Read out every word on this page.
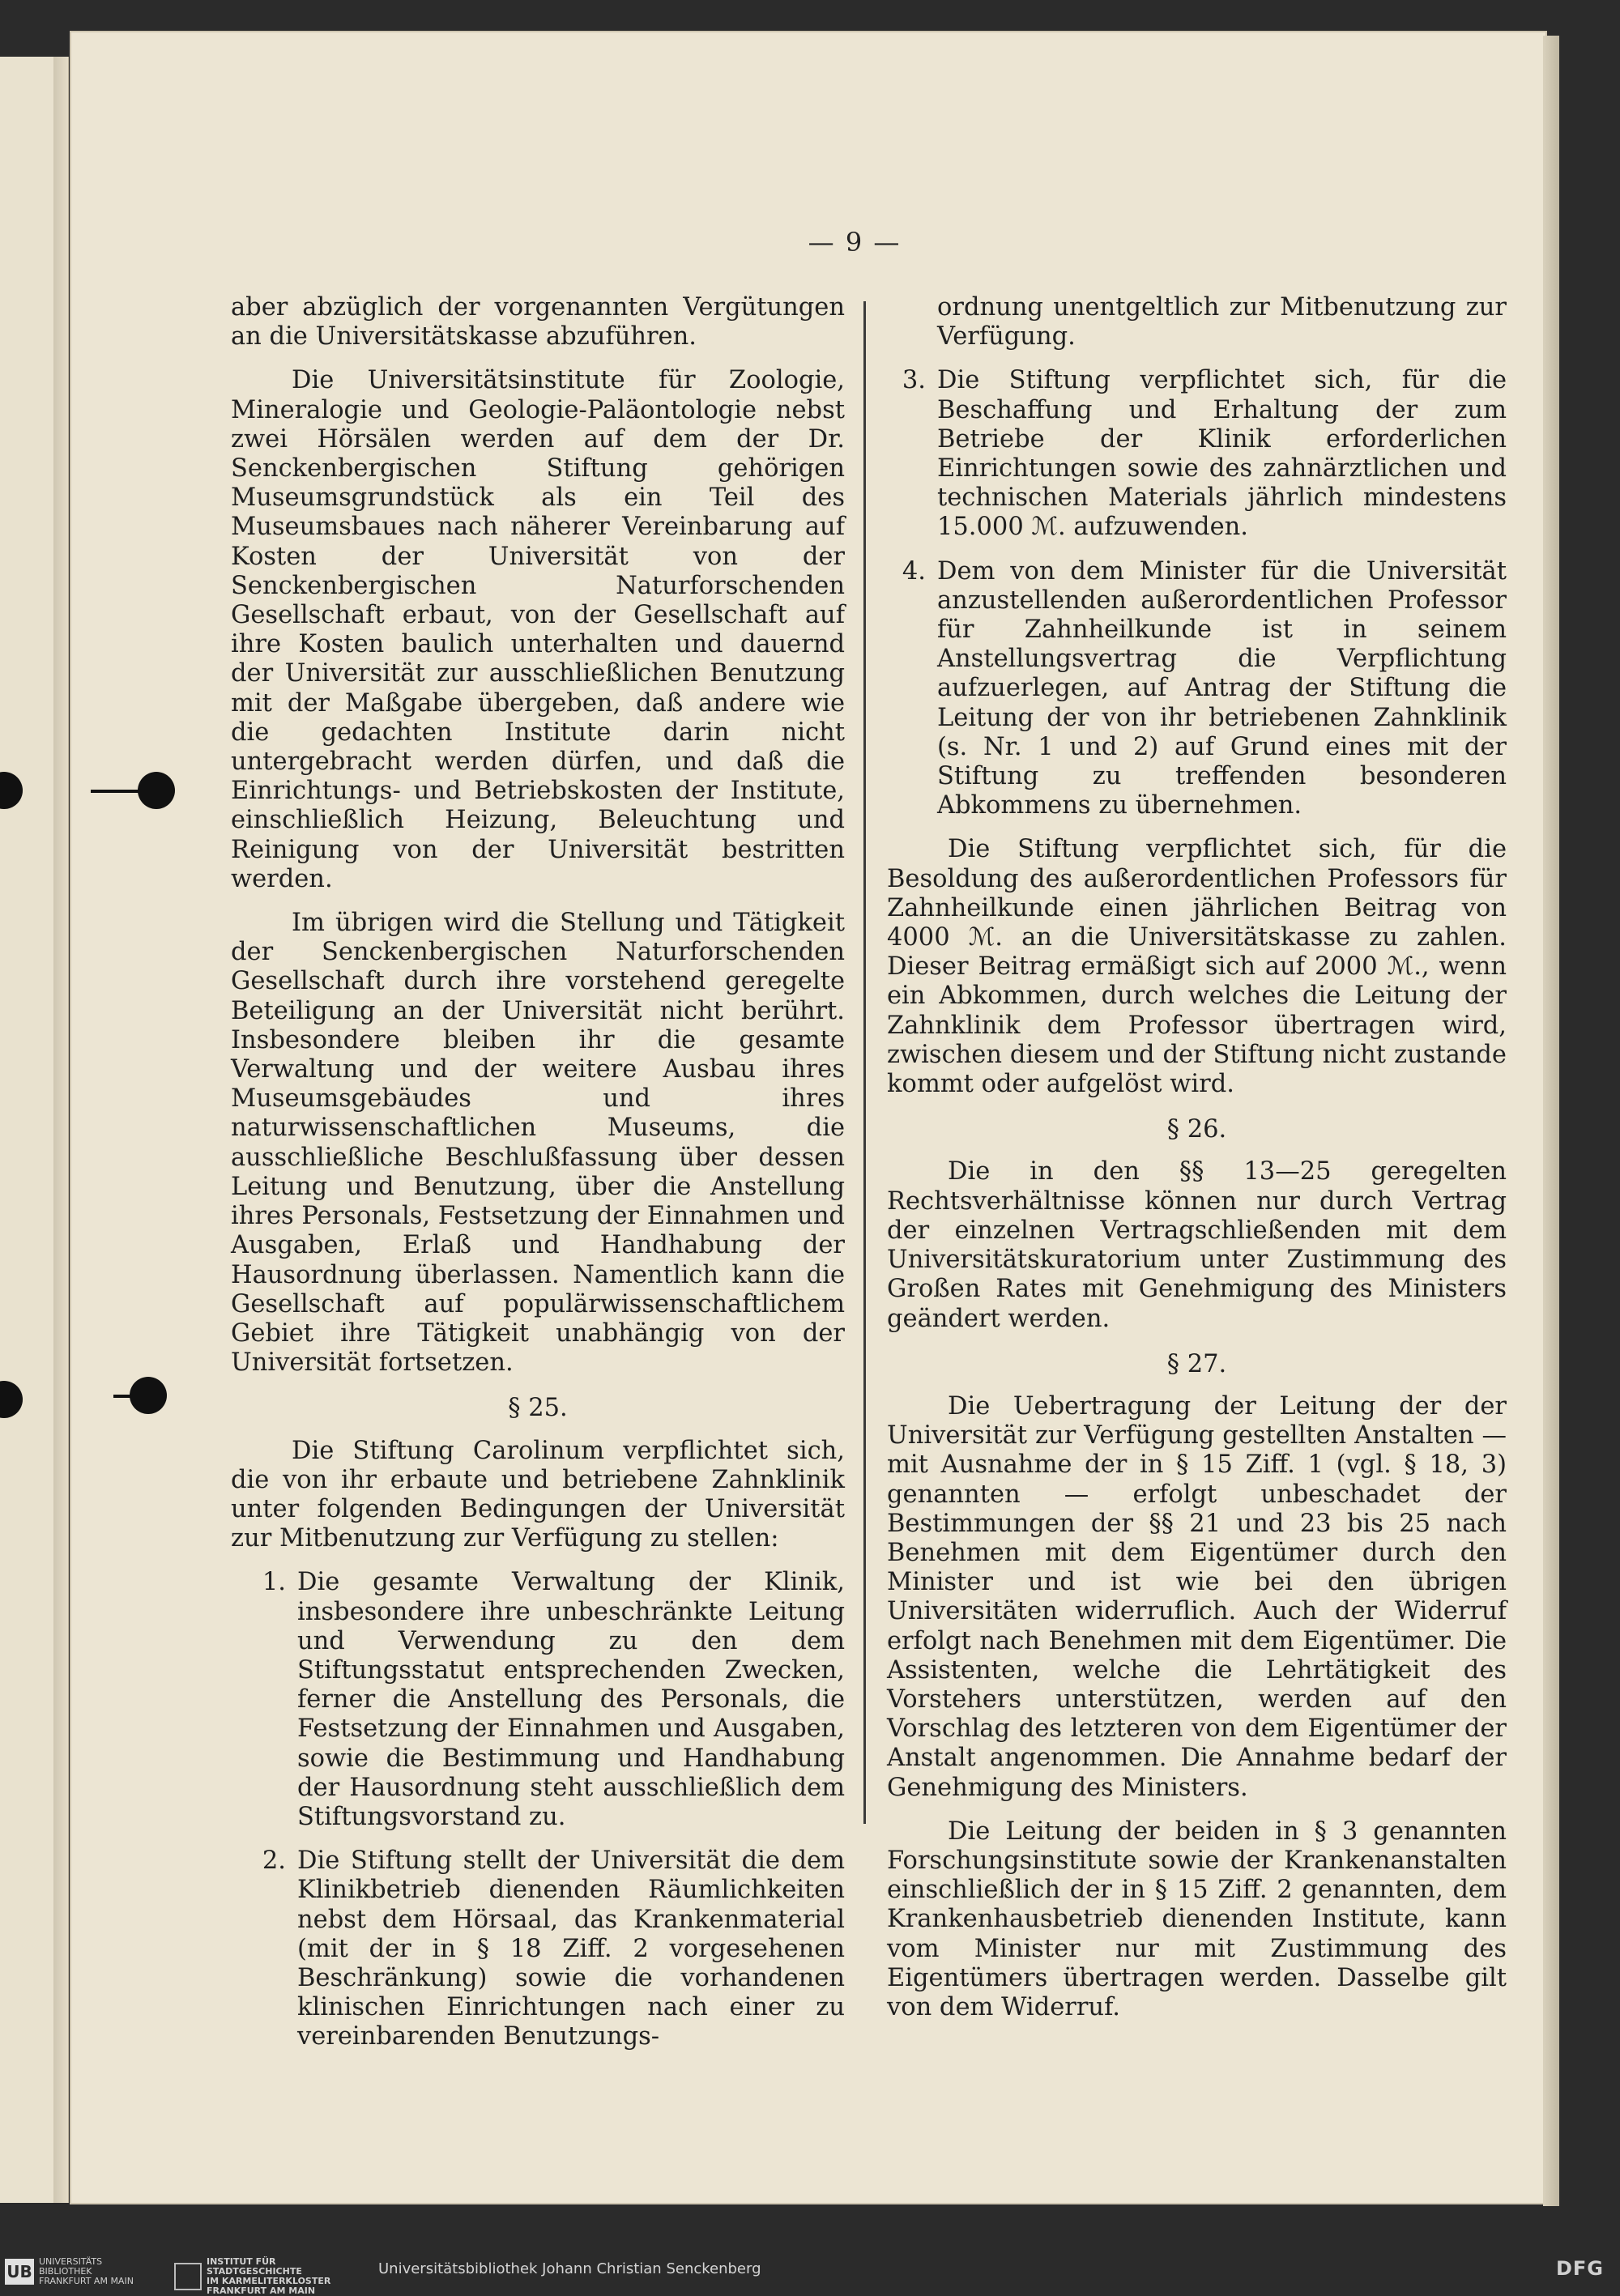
— 9 —

aber abzüglich der vorgenannten Vergütungen an die Universitätskasse abzuführen.

Die Universitätsinstitute für Zoologie, Mineralogie und Geologie-Paläontologie nebst zwei Hörsälen werden auf dem der Dr. Senckenbergischen Stiftung gehörigen Museumsgrundstück als ein Teil des Museumsbaues nach näherer Vereinbarung auf Kosten der Universität von der Senckenbergischen Naturforschenden Gesellschaft erbaut, von der Gesellschaft auf ihre Kosten baulich unterhalten und dauernd der Universität zur ausschließlichen Benutzung mit der Maßgabe übergeben, daß andere wie die gedachten Institute darin nicht untergebracht werden dürfen, und daß die Einrichtungs- und Betriebskosten der Institute, einschließlich Heizung, Beleuchtung und Reinigung von der Universität bestritten werden.

Im übrigen wird die Stellung und Tätigkeit der Senckenbergischen Naturforschenden Gesellschaft durch ihre vorstehend geregelte Beteiligung an der Universität nicht berührt. Insbesondere bleiben ihr die gesamte Verwaltung und der weitere Ausbau ihres Museumsgebäudes und ihres naturwissenschaftlichen Museums, die ausschließliche Beschlußfassung über dessen Leitung und Benutzung, über die Anstellung ihres Personals, Festsetzung der Einnahmen und Ausgaben, Erlaß und Handhabung der Hausordnung überlassen. Namentlich kann die Gesellschaft auf populärwissenschaftlichem Gebiet ihre Tätigkeit unabhängig von der Universität fortsetzen.

§ 25.

Die Stiftung Carolinum verpflichtet sich, die von ihr erbaute und betriebene Zahnklinik unter folgenden Bedingungen der Universität zur Mitbenutzung zur Verfügung zu stellen:

1. Die gesamte Verwaltung der Klinik, insbesondere ihre unbeschränkte Leitung und Verwendung zu den dem Stiftungsstatut entsprechenden Zwecken, ferner die Anstellung des Personals, die Festsetzung der Einnahmen und Ausgaben, sowie die Bestimmung und Handhabung der Hausordnung steht ausschließlich dem Stiftungsvorstand zu.
2. Die Stiftung stellt der Universität die dem Klinikbetrieb dienenden Räumlichkeiten nebst dem Hörsaal, das Krankenmaterial (mit der in § 18 Ziff. 2 vorgesehenen Beschränkung) sowie die vorhandenen klinischen Einrichtungen nach einer zu vereinbarenden Benutzungs-
ordnung unentgeltlich zur Mitbenutzung zur Verfügung.
3. Die Stiftung verpflichtet sich, für die Beschaffung und Erhaltung der zum Betriebe der Klinik erforderlichen Einrichtungen sowie des zahnärztlichen und technischen Materials jährlich mindestens 15.000 ℳ. aufzuwenden.
4. Dem von dem Minister für die Universität anzustellenden außerordentlichen Professor für Zahnheilkunde ist in seinem Anstellungsvertrag die Verpflichtung aufzuerlegen, auf Antrag der Stiftung die Leitung der von ihr betriebenen Zahnklinik (s. Nr. 1 und 2) auf Grund eines mit der Stiftung zu treffenden besonderen Abkommens zu übernehmen.

Die Stiftung verpflichtet sich, für die Besoldung des außerordentlichen Professors für Zahnheilkunde einen jährlichen Beitrag von 4000 ℳ. an die Universitätskasse zu zahlen. Dieser Beitrag ermäßigt sich auf 2000 ℳ., wenn ein Abkommen, durch welches die Leitung der Zahnklinik dem Professor übertragen wird, zwischen diesem und der Stiftung nicht zustande kommt oder aufgelöst wird.

§ 26.

Die in den §§ 13—25 geregelten Rechtsverhältnisse können nur durch Vertrag der einzelnen Vertragschließenden mit dem Universitätskuratorium unter Zustimmung des Großen Rates mit Genehmigung des Ministers geändert werden.

§ 27.

Die Uebertragung der Leitung der der Universität zur Verfügung gestellten Anstalten — mit Ausnahme der in § 15 Ziff. 1 (vgl. § 18, 3) genannten — erfolgt unbeschadet der Bestimmungen der §§ 21 und 23 bis 25 nach Benehmen mit dem Eigentümer durch den Minister und ist wie bei den übrigen Universitäten widerruflich. Auch der Widerruf erfolgt nach Benehmen mit dem Eigentümer. Die Assistenten, welche die Lehrtätigkeit des Vorstehers unterstützen, werden auf den Vorschlag des letzteren von dem Eigentümer der Anstalt angenommen. Die Annahme bedarf der Genehmigung des Ministers.

Die Leitung der beiden in § 3 genannten Forschungsinstitute sowie der Krankenanstalten einschließlich der in § 15 Ziff. 2 genannten, dem Krankenhausbetrieb dienenden Institute, kann vom Minister nur mit Zustimmung des Eigentümers übertragen werden. Dasselbe gilt von dem Widerruf.

UB
UNIVERSITÄTS
BIBLIOTHEK
FRANKFURT AM MAIN
INSTITUT FÜR
STADTGESCHICHTE
IM KARMELITERKLOSTER
FRANKFURT AM MAIN
Universitätsbibliothek Johann Christian Senckenberg	DFG
